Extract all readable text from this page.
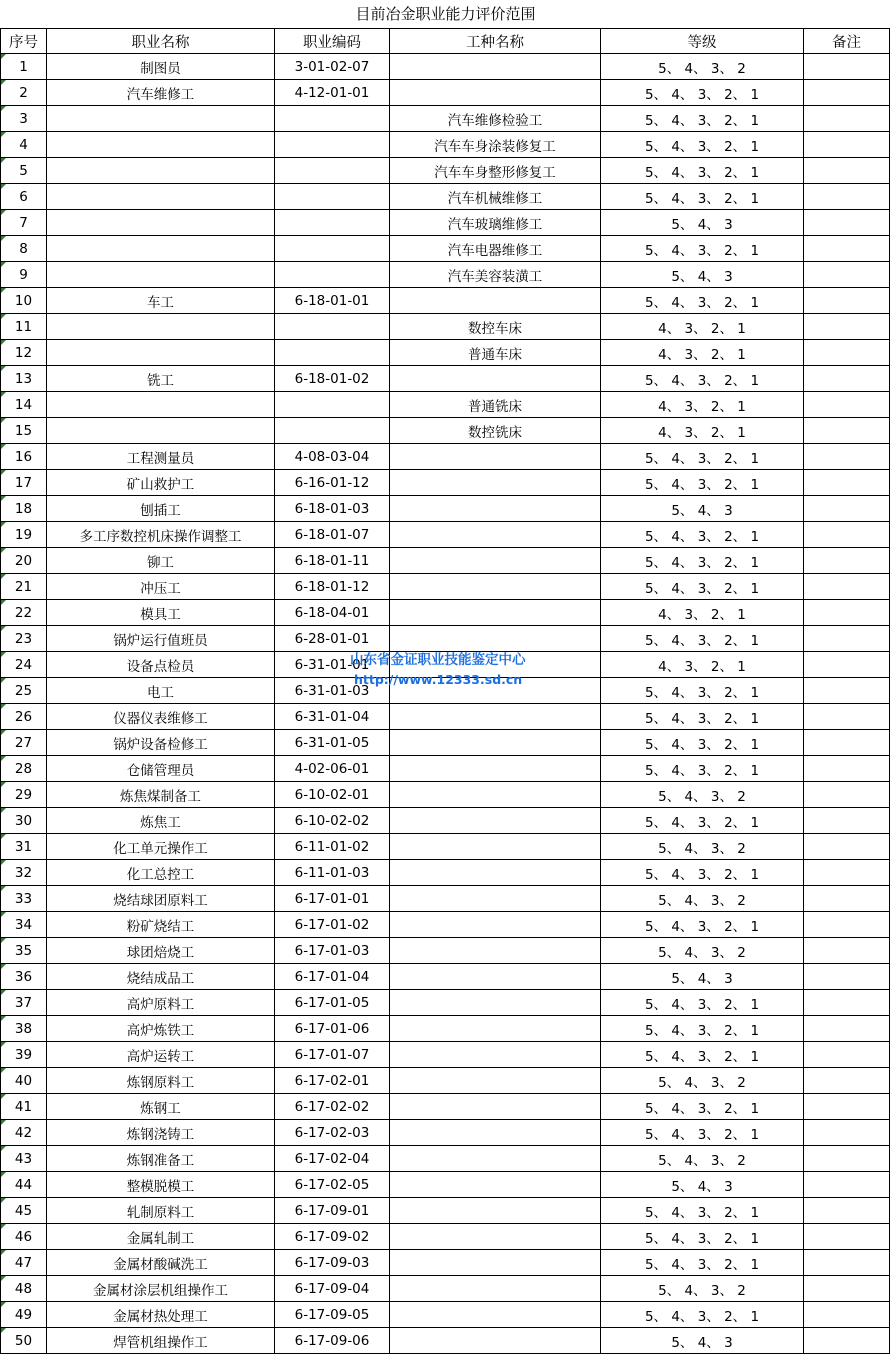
目前冶金职业能力评价范围
序号	职业名称	职业编码	工种名称	等级	备注
1	制图员	3-01-02-07		5、 4、 3、 2	
2	汽车维修工	4-12-01-01		5、 4、 3、 2、 1	
3			汽车维修检验工	5、 4、 3、 2、 1	
4			汽车车身涂装修复工	5、 4、 3、 2、 1	
5			汽车车身整形修复工	5、 4、 3、 2、 1	
6			汽车机械维修工	5、 4、 3、 2、 1	
7			汽车玻璃维修工	5、 4、 3	
8			汽车电器维修工	5、 4、 3、 2、 1	
9			汽车美容装潢工	5、 4、 3	
10	车工	6-18-01-01		5、 4、 3、 2、 1	
11			数控车床	4、 3、 2、 1	
12			普通车床	4、 3、 2、 1	
13	铣工	6-18-01-02		5、 4、 3、 2、 1	
14			普通铣床	4、 3、 2、 1	
15			数控铣床	4、 3、 2、 1	
16	工程测量员	4-08-03-04		5、 4、 3、 2、 1	
17	矿山救护工	6-16-01-12		5、 4、 3、 2、 1	
18	刨插工	6-18-01-03		5、 4、 3	
19	多工序数控机床操作调整工	6-18-01-07		5、 4、 3、 2、 1	
20	铆工	6-18-01-11		5、 4、 3、 2、 1	
21	冲压工	6-18-01-12		5、 4、 3、 2、 1	
22	模具工	6-18-04-01		4、 3、 2、 1	
23	锅炉运行值班员	6-28-01-01		5、 4、 3、 2、 1	
24	设备点检员	6-31-01-01		4、 3、 2、 1	
25	电工	6-31-01-03		5、 4、 3、 2、 1	
26	仪器仪表维修工	6-31-01-04		5、 4、 3、 2、 1	
27	锅炉设备检修工	6-31-01-05		5、 4、 3、 2、 1	
28	仓储管理员	4-02-06-01		5、 4、 3、 2、 1	
29	炼焦煤制备工	6-10-02-01		5、 4、 3、 2	
30	炼焦工	6-10-02-02		5、 4、 3、 2、 1	
31	化工单元操作工	6-11-01-02		5、 4、 3、 2	
32	化工总控工	6-11-01-03		5、 4、 3、 2、 1	
33	烧结球团原料工	6-17-01-01		5、 4、 3、 2	
34	粉矿烧结工	6-17-01-02		5、 4、 3、 2、 1	
35	球团焙烧工	6-17-01-03		5、 4、 3、 2	
36	烧结成品工	6-17-01-04		5、 4、 3	
37	高炉原料工	6-17-01-05		5、 4、 3、 2、 1	
38	高炉炼铁工	6-17-01-06		5、 4、 3、 2、 1	
39	高炉运转工	6-17-01-07		5、 4、 3、 2、 1	
40	炼钢原料工	6-17-02-01		5、 4、 3、 2	
41	炼钢工	6-17-02-02		5、 4、 3、 2、 1	
42	炼钢浇铸工	6-17-02-03		5、 4、 3、 2、 1	
43	炼钢准备工	6-17-02-04		5、 4、 3、 2	
44	整模脱模工	6-17-02-05		5、 4、 3	
45	轧制原料工	6-17-09-01		5、 4、 3、 2、 1	
46	金属轧制工	6-17-09-02		5、 4、 3、 2、 1	
47	金属材酸碱洗工	6-17-09-03		5、 4、 3、 2、 1	
48	金属材涂层机组操作工	6-17-09-04		5、 4、 3、 2	
49	金属材热处理工	6-17-09-05		5、 4、 3、 2、 1	
50	焊管机组操作工	6-17-09-06		5、 4、 3	
山东省金证职业技能鉴定中心
http://www.12333.sd.cn
